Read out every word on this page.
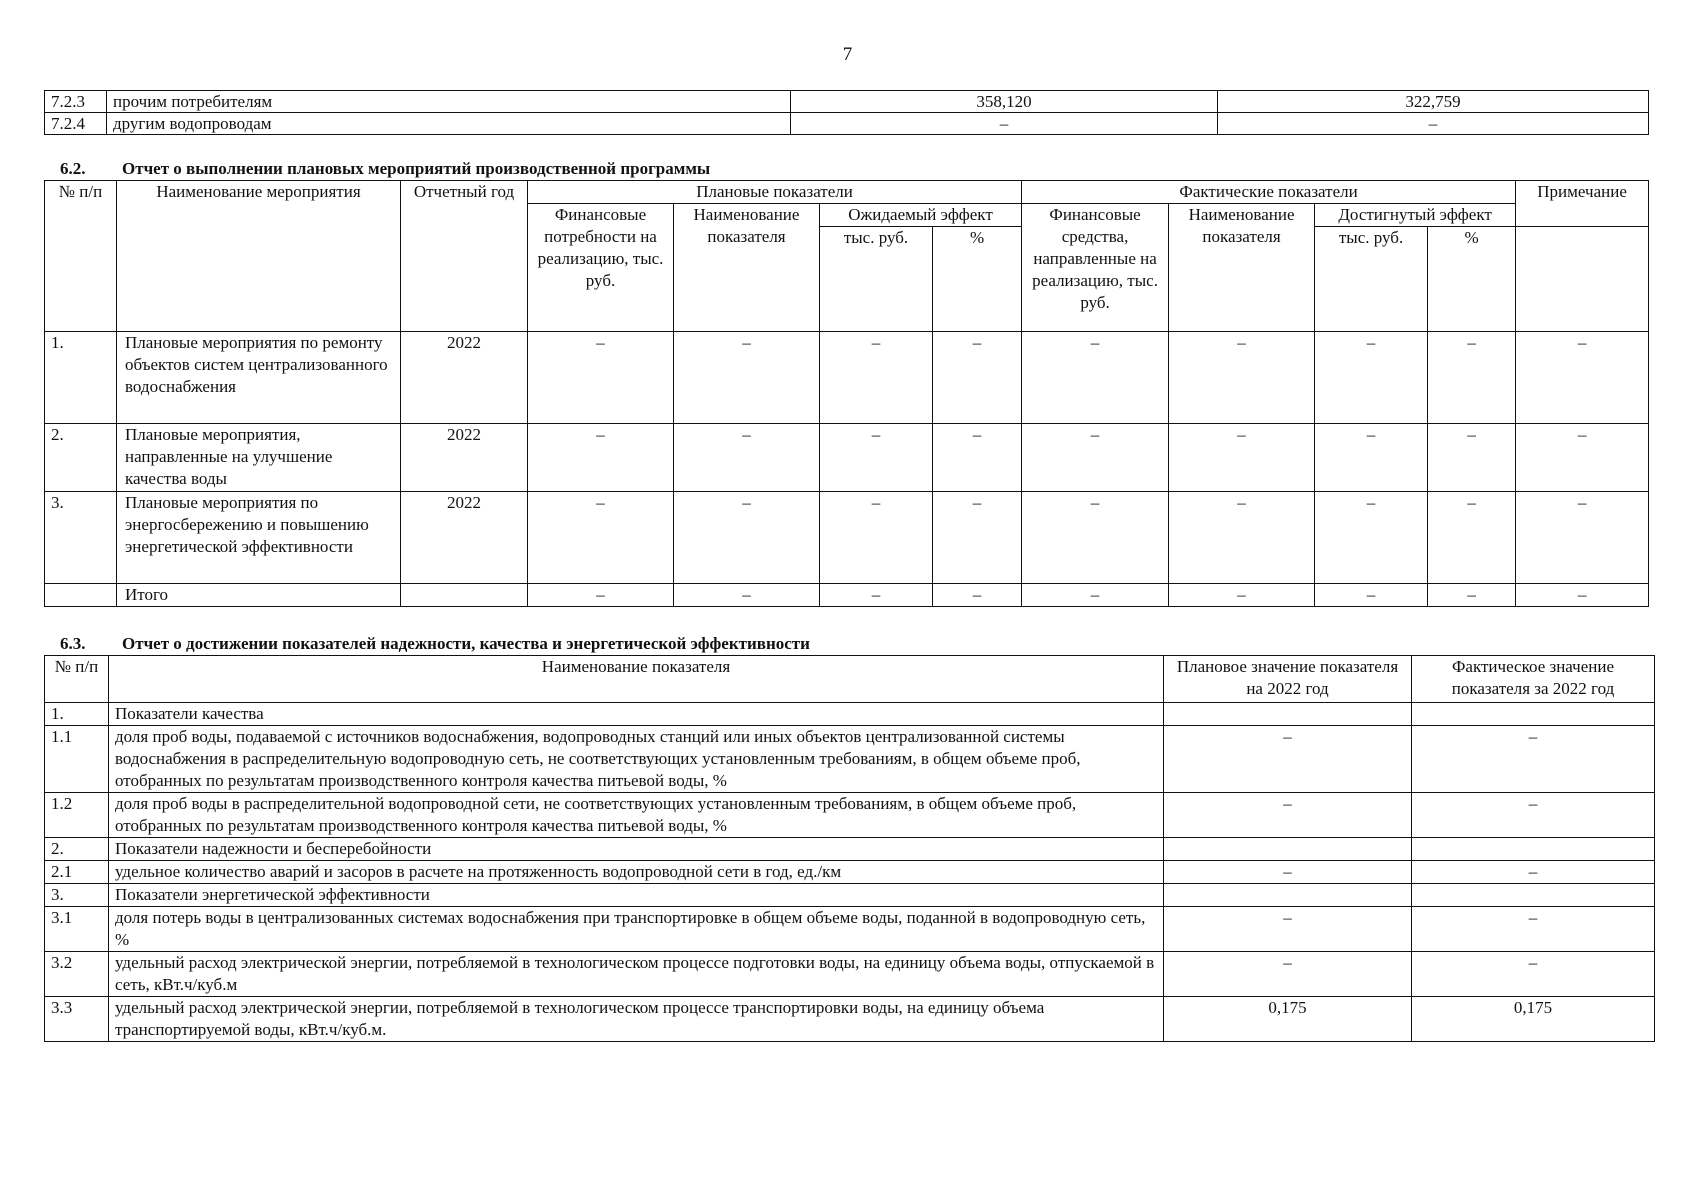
7
7.2.3	прочим потребителям	358,120	322,759
7.2.4	другим водопроводам	–	–
6.2. Отчет о выполнении плановых мероприятий производственной программы
№ п/п	Наименование мероприятия	Отчетный год	Плановые показатели				Фактические показатели				Примечание
			Финансовые потребности на реализацию, тыс. руб.	Наименование показателя	Ожидаемый эффект		Финансовые средства, направленные на реализацию, тыс. руб.	Наименование показателя	Достигнутый эффект		
					тыс. руб.	%			тыс. руб.	%	
1.	Плановые мероприятия по ремонту объектов систем централизованного водоснабжения	2022	–	–	–	–	–	–	–	–	–
2.	Плановые мероприятия, направленные на улучшение качества воды	2022	–	–	–	–	–	–	–	–	–
3.	Плановые мероприятия по энергосбережению и повышению энергетической эффективности	2022	–	–	–	–	–	–	–	–	–
	Итого		–	–	–	–	–	–	–	–	–
6.3. Отчет о достижении показателей надежности, качества и энергетической эффективности
№ п/п	Наименование показателя	Плановое значение показателя на 2022 год	Фактическое значение показателя за 2022 год
1.	Показатели качества		
1.1	доля проб воды, подаваемой с источников водоснабжения, водопроводных станций или иных объектов централизованной системы водоснабжения в распределительную водопроводную сеть, не соответствующих установленным требованиям, в общем объеме проб, отобранных по результатам производственного контроля качества питьевой воды, %	–	–
1.2	доля проб воды в распределительной водопроводной сети, не соответствующих установленным требованиям, в общем объеме проб, отобранных по результатам производственного контроля качества питьевой воды, %	–	–
2.	Показатели надежности и бесперебойности		
2.1	удельное количество аварий и засоров в расчете на протяженность водопроводной сети в год, ед./км	–	–
3.	Показатели энергетической эффективности		
3.1	доля потерь воды в централизованных системах водоснабжения при транспортировке в общем объеме воды, поданной в водопроводную сеть, %	–	–
3.2	удельный расход электрической энергии, потребляемой в технологическом процессе подготовки воды, на единицу объема воды, отпускаемой в сеть, кВт.ч/куб.м	–	–
3.3	удельный расход электрической энергии, потребляемой в технологическом процессе транспортировки воды, на единицу объема транспортируемой воды, кВт.ч/куб.м.	0,175	0,175
